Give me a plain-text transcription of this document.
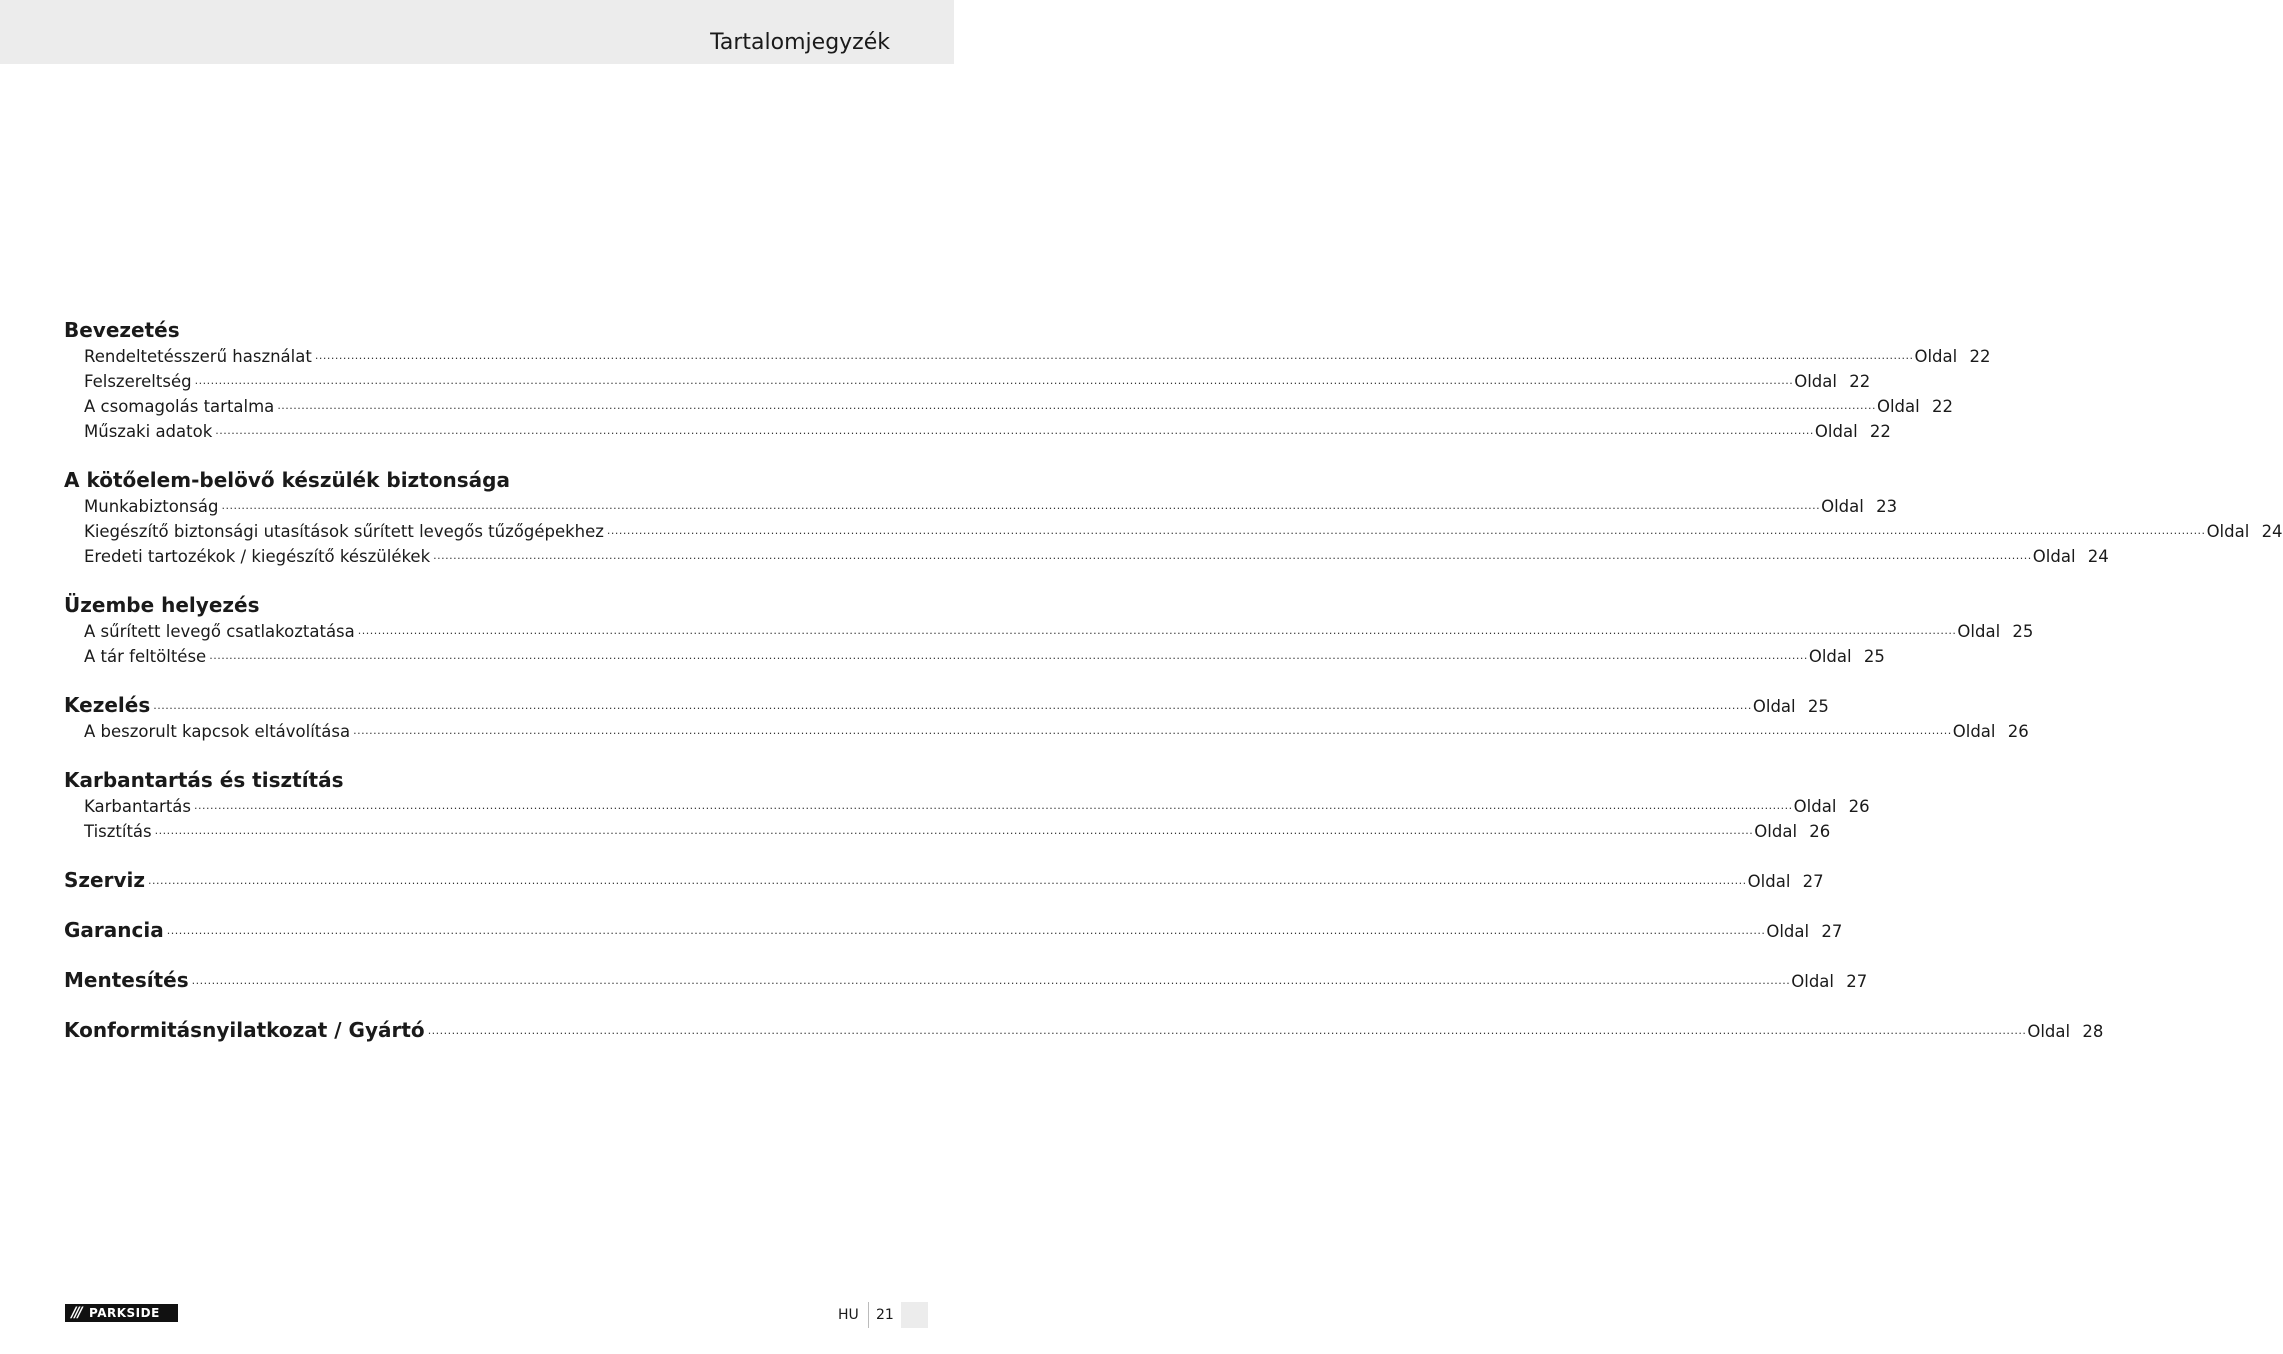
Tartalomjegyzék
Bevezetés
Rendeltetésszerű használat ................................................................................................................................................................................................................................................................................................................................................................................................................ Oldal 22
Felszereltség ................................................................................................................................................................................................................................................................................................................................................................................................................ Oldal 22
A csomagolás tartalma ................................................................................................................................................................................................................................................................................................................................................................................................................ Oldal 22
Műszaki adatok ................................................................................................................................................................................................................................................................................................................................................................................................................ Oldal 22
A kötőelem-belövő készülék biztonsága
Munkabiztonság ................................................................................................................................................................................................................................................................................................................................................................................................................ Oldal 23
Kiegészítő biztonsági utasítások sűrített levegős tűzőgépekhez ................................................................................................................................................................................................................................................................................................................................................................................................................ Oldal 24
Eredeti tartozékok / kiegészítő készülékek ................................................................................................................................................................................................................................................................................................................................................................................................................ Oldal 24
Üzembe helyezés
A sűrített levegő csatlakoztatása ................................................................................................................................................................................................................................................................................................................................................................................................................ Oldal 25
A tár feltöltése ................................................................................................................................................................................................................................................................................................................................................................................................................ Oldal 25
Kezelés ................................................................................................................................................................................................................................................................................................................................................................................................................ Oldal 25
A beszorult kapcsok eltávolítása ................................................................................................................................................................................................................................................................................................................................................................................................................ Oldal 26
Karbantartás és tisztítás
Karbantartás ................................................................................................................................................................................................................................................................................................................................................................................................................ Oldal 26
Tisztítás ................................................................................................................................................................................................................................................................................................................................................................................................................ Oldal 26
Szerviz ................................................................................................................................................................................................................................................................................................................................................................................................................ Oldal 27
Garancia ................................................................................................................................................................................................................................................................................................................................................................................................................ Oldal 27
Mentesítés ................................................................................................................................................................................................................................................................................................................................................................................................................ Oldal 27
Konformitásnyilatkozat / Gyártó ................................................................................................................................................................................................................................................................................................................................................................................................................ Oldal 28
/// PARKSIDE	HU 21
